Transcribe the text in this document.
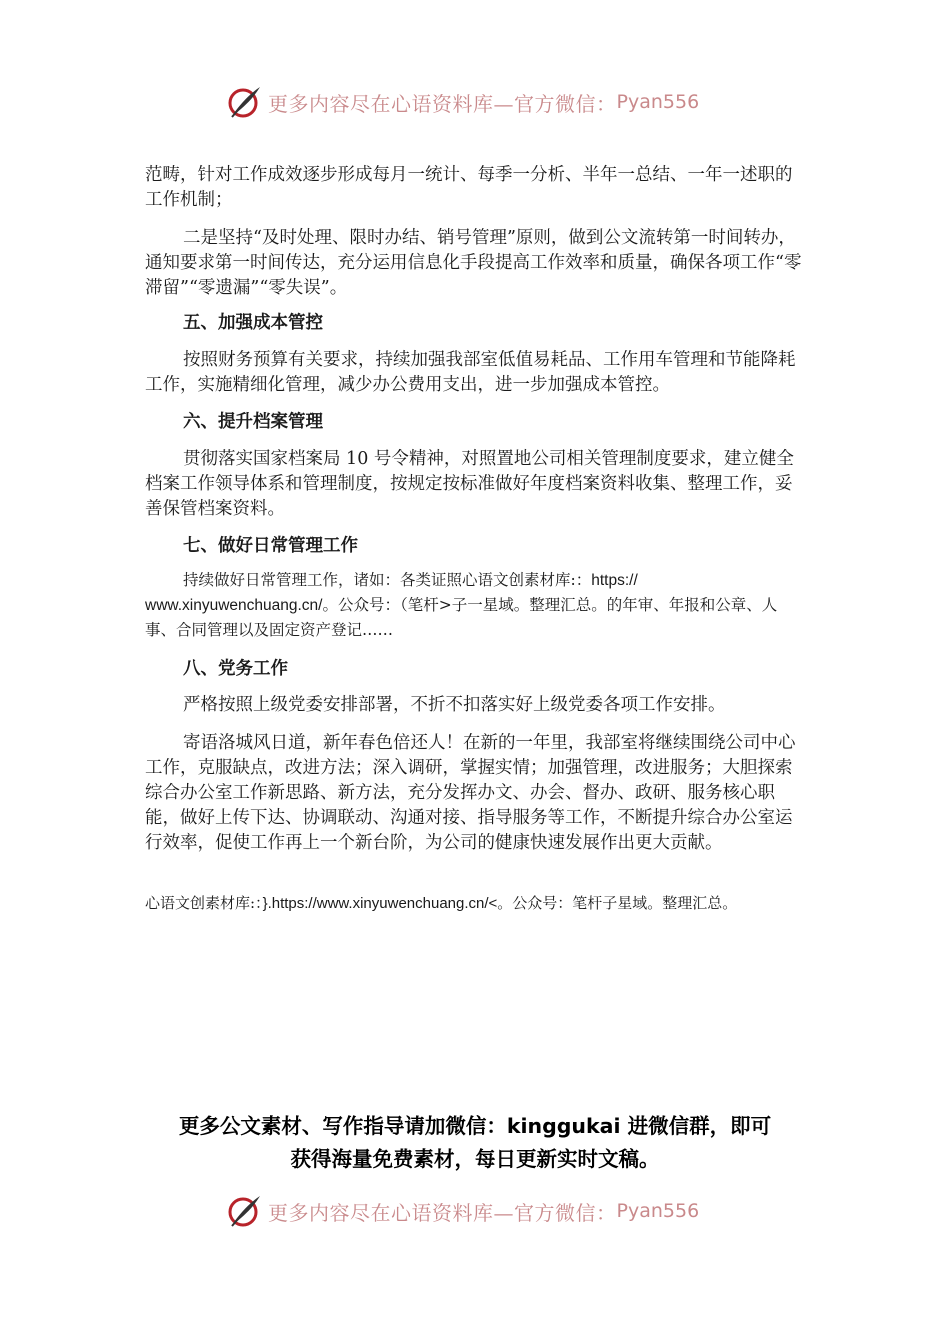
更多内容尽在心语资料库—官方微信： Pyan556

范畴，针对工作成效逐步形成每月一统计、每季一分析、半年一总结、一年一述职的工作机制；

二是坚持“及时处理、限时办结、销号管理”原则，做到公文流转第一时间转办，通知要求第一时间传达，充分运用信息化手段提高工作效率和质量，确保各项工作“零滞留”“零遗漏”“零失误”。

五、加强成本管控

按照财务预算有关要求，持续加强我部室低值易耗品、工作用车管理和节能降耗工作，实施精细化管理，减少办公费用支出，进一步加强成本管控。

六、提升档案管理

贯彻落实国家档案局 10 号令精神，对照置地公司相关管理制度要求，建立健全档案工作领导体系和管理制度，按规定按标准做好年度档案资料收集、整理工作，妥善保管档案资料。

七、做好日常管理工作

持续做好日常管理工作，诸如：各类证照心语文创素材库:：https://
www.xinyuwenchuang.cn/。公众号：（笔杆>子一星域。整理汇总。的年审、年报和公章、人事、合同管理以及固定资产登记……

八、党务工作

严格按照上级党委安排部署，不折不扣落实好上级党委各项工作安排。

寄语洛城风日道，新年春色倍还人！在新的一年里，我部室将继续围绕公司中心工作，克服缺点，改进方法；深入调研，掌握实情；加强管理，改进服务；大胆探索综合办公室工作新思路、新方法，充分发挥办文、办会、督办、政研、服务核心职能，做好上传下达、协调联动、沟通对接、指导服务等工作，不断提升综合办公室运行效率，促使工作再上一个新台阶，为公司的健康快速发展作出更大贡献。

心语文创素材库:：}.https://www.xinyuwenchuang.cn/<。公众号：笔杆子星域。整理汇总。

更多公文素材、写作指导请加微信：kinggukai 进微信群，即可
获得海量免费素材，每日更新实时文稿。
更多内容尽在心语资料库—官方微信： Pyan556
